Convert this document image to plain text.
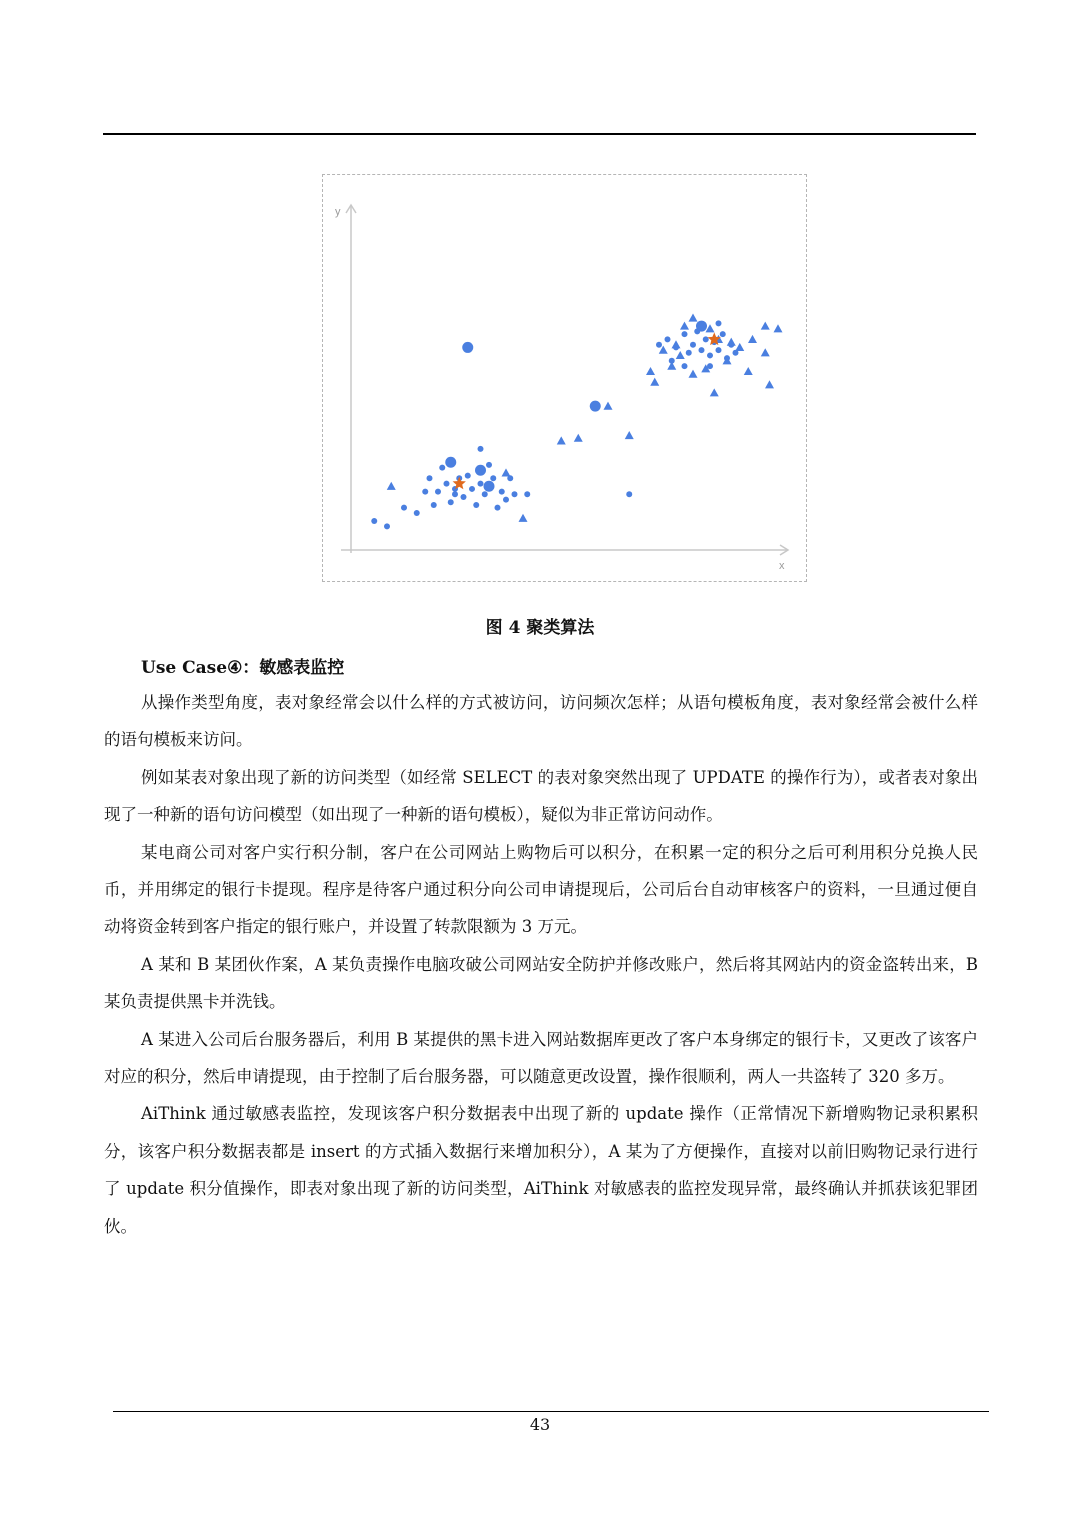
y
x
图 4 聚类算法
Use Case④：敏感表监控

从操作类型角度，表对象经常会以什么样的方式被访问，访问频次怎样；从语句模板角度，表对象经常会被什么样的语句模板来访问。

例如某表对象出现了新的访问类型（如经常 SELECT 的表对象突然出现了 UPDATE 的操作行为），或者表对象出现了一种新的语句访问模型（如出现了一种新的语句模板），疑似为非正常访问动作。

某电商公司对客户实行积分制，客户在公司网站上购物后可以积分，在积累一定的积分之后可利用积分兑换人民币，并用绑定的银行卡提现。程序是待客户通过积分向公司申请提现后，公司后台自动审核客户的资料，一旦通过便自动将资金转到客户指定的银行账户，并设置了转款限额为 3 万元。

A 某和 B 某团伙作案，A 某负责操作电脑攻破公司网站安全防护并修改账户，然后将其网站内的资金盗转出来，B 某负责提供黑卡并洗钱。

A 某进入公司后台服务器后，利用 B 某提供的黑卡进入网站数据库更改了客户本身绑定的银行卡，又更改了该客户对应的积分，然后申请提现，由于控制了后台服务器，可以随意更改设置，操作很顺利，两人一共盗转了 320 多万。

AiThink 通过敏感表监控，发现该客户积分数据表中出现了新的 update 操作（正常情况下新增购物记录积累积分，该客户积分数据表都是 insert 的方式插入数据行来增加积分），A 某为了方便操作，直接对以前旧购物记录行进行了 update 积分值操作，即表对象出现了新的访问类型，AiThink 对敏感表的监控发现异常，最终确认并抓获该犯罪团伙。

43
